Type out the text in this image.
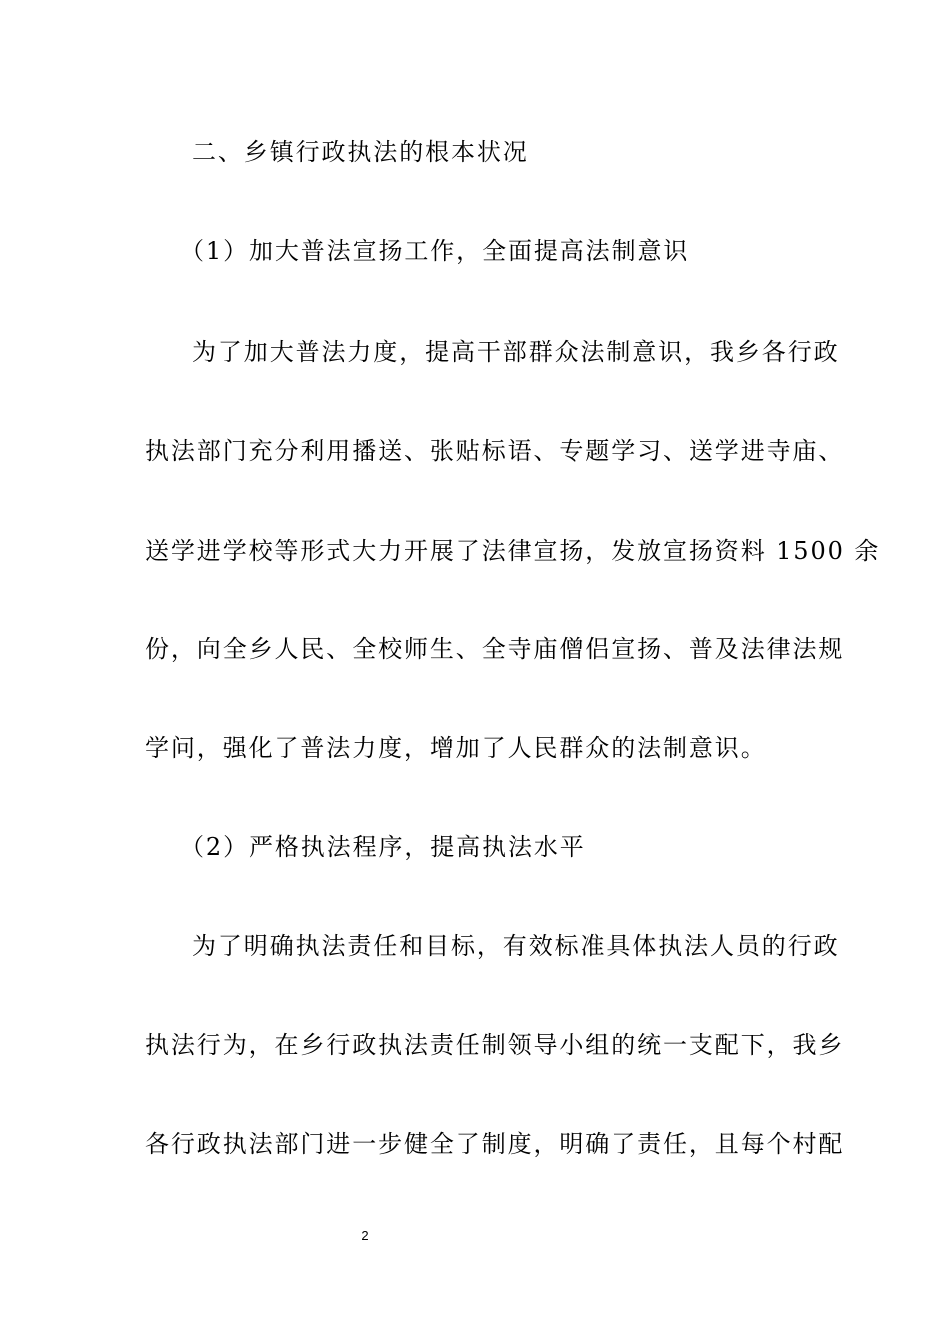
二、乡镇行政执法的根本状况
（1）加大普法宣扬工作，全面提高法制意识
为了加大普法力度，提高干部群众法制意识，我乡各行政
执法部门充分利用播送、张贴标语、专题学习、送学进寺庙、
送学进学校等形式大力开展了法律宣扬，发放宣扬资料 1500 余
份，向全乡人民、全校师生、全寺庙僧侣宣扬、普及法律法规
学问，强化了普法力度，增加了人民群众的法制意识。
（2）严格执法程序，提高执法水平
为了明确执法责任和目标，有效标准具体执法人员的行政
执法行为，在乡行政执法责任制领导小组的统一支配下，我乡
各行政执法部门进一步健全了制度，明确了责任，且每个村配
2
